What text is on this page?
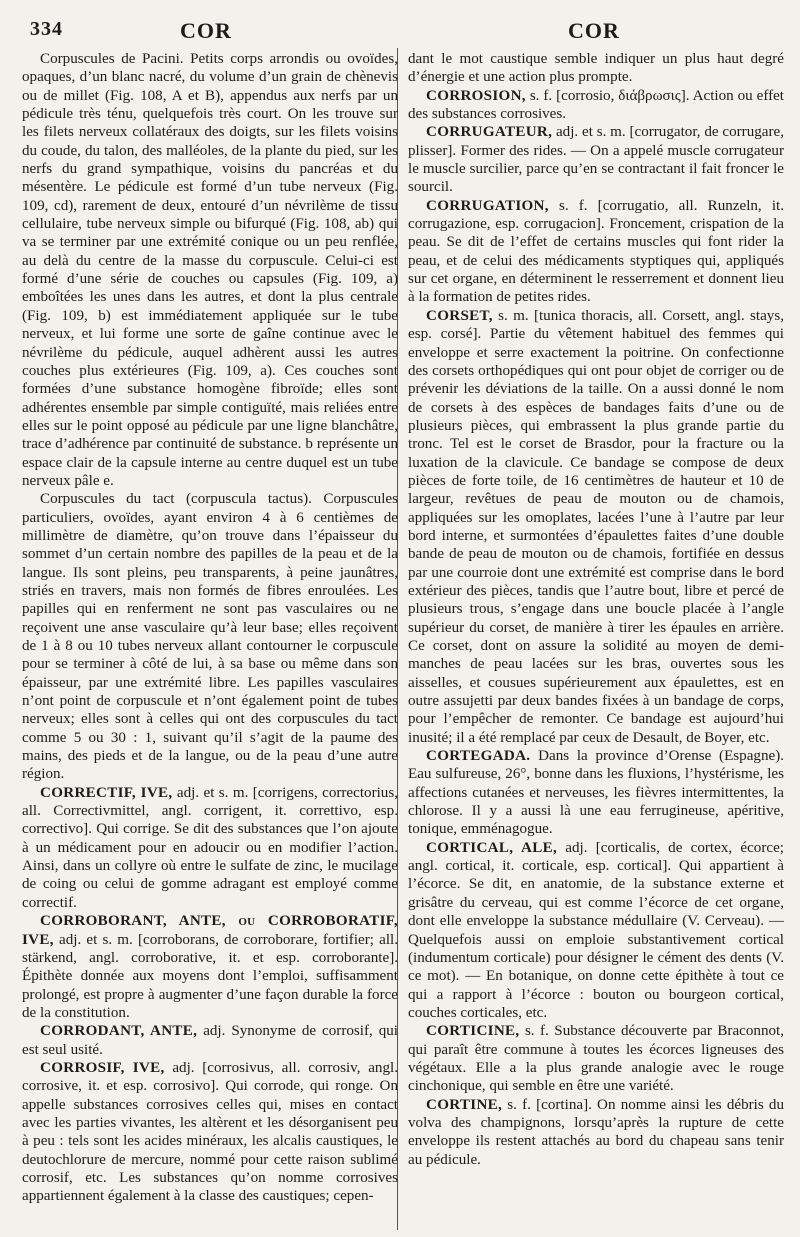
334	COR	COR

Corpuscules de Pacini. Petits corps arrondis ou ovoïdes, opaques, d’un blanc nacré, du volume d’un grain de chènevis ou de millet (Fig. 108, A et B), appendus aux nerfs par un pédicule très ténu, quelquefois très court. On les trouve sur les filets nerveux collatéraux des doigts, sur les filets voisins du coude, du talon, des malléoles, de la plante du pied, sur les nerfs du grand sympathique, voisins du pancréas et du mésentère. Le pédicule est formé d’un tube nerveux (Fig. 109, cd), rarement de deux, entouré d’un névrilème de tissu cellulaire, tube nerveux simple ou bifurqué (Fig. 108, ab) qui va se terminer par une extrémité conique ou un peu renflée, au delà du centre de la masse du corpuscule. Celui-ci est formé d’une série de couches ou capsules (Fig. 109, a) emboîtées les unes dans les autres, et dont la plus centrale (Fig. 109, b) est immédiatement appliquée sur le tube nerveux, et lui forme une sorte de gaîne continue avec le névrilème du pédicule, auquel adhèrent aussi les autres couches plus extérieures (Fig. 109, a). Ces couches sont formées d’une substance homogène fibroïde; elles sont adhérentes ensemble par simple contiguïté, mais reliées entre elles sur le point opposé au pédicule par une ligne blanchâtre, trace d’adhérence par continuité de substance. b représente un espace clair de la capsule interne au centre duquel est un tube nerveux pâle e.

Corpuscules du tact (corpuscula tactus). Corpuscules particuliers, ovoïdes, ayant environ 4 à 6 centièmes de millimètre de diamètre, qu’on trouve dans l’épaisseur du sommet d’un certain nombre des papilles de la peau et de la langue. Ils sont pleins, peu transparents, à peine jaunâtres, striés en travers, mais non formés de fibres enroulées. Les papilles qui en renferment ne sont pas vasculaires ou ne reçoivent une anse vasculaire qu’à leur base; elles reçoivent de 1 à 8 ou 10 tubes nerveux allant contourner le corpuscule pour se terminer à côté de lui, à sa base ou même dans son épaisseur, par une extrémité libre. Les papilles vasculaires n’ont point de corpuscule et n’ont également point de tubes nerveux; elles sont à celles qui ont des corpuscules du tact comme 5 ou 30 : 1, suivant qu’il s’agit de la paume des mains, des pieds et de la langue, ou de la peau d’une autre région.

CORRECTIF, IVE, adj. et s. m. [corrigens, correctorius, all. Correctivmittel, angl. corrigent, it. correttivo, esp. correctivo]. Qui corrige. Se dit des substances que l’on ajoute à un médicament pour en adoucir ou en modifier l’action. Ainsi, dans un collyre où entre le sulfate de zinc, le mucilage de coing ou celui de gomme adragant est employé comme correctif.

CORROBORANT, ANTE, ou CORROBORATIF, IVE, adj. et s. m. [corroborans, de corroborare, fortifier; all. stärkend, angl. corroborative, it. et esp. corroborante]. Épithète donnée aux moyens dont l’emploi, suffisamment prolongé, est propre à augmenter d’une façon durable la force de la constitution.

CORRODANT, ANTE, adj. Synonyme de corrosif, qui est seul usité.

CORROSIF, IVE, adj. [corrosivus, all. corrosiv, angl. corrosive, it. et esp. corrosivo]. Qui corrode, qui ronge. On appelle substances corrosives celles qui, mises en contact avec les parties vivantes, les altèrent et les désorganisent peu à peu : tels sont les acides minéraux, les alcalis caustiques, le deutochlorure de mercure, nommé pour cette raison sublimé corrosif, etc. Les substances qu’on nomme corrosives appartiennent également à la classe des caustiques; cepen-

dant le mot caustique semble indiquer un plus haut degré d’énergie et une action plus prompte.

CORROSION, s. f. [corrosio, διάβρωσις]. Action ou effet des substances corrosives.

CORRUGATEUR, adj. et s. m. [corrugator, de corrugare, plisser]. Former des rides. — On a appelé muscle corrugateur le muscle surcilier, parce qu’en se contractant il fait froncer le sourcil.

CORRUGATION, s. f. [corrugatio, all. Runzeln, it. corrugazione, esp. corrugacion]. Froncement, crispation de la peau. Se dit de l’effet de certains muscles qui font rider la peau, et de celui des médicaments styptiques qui, appliqués sur cet organe, en déterminent le resserrement et donnent lieu à la formation de petites rides.

CORSET, s. m. [tunica thoracis, all. Corsett, angl. stays, esp. corsé]. Partie du vêtement habituel des femmes qui enveloppe et serre exactement la poitrine. On confectionne des corsets orthopédiques qui ont pour objet de corriger ou de prévenir les déviations de la taille. On a aussi donné le nom de corsets à des espèces de bandages faits d’une ou de plusieurs pièces, qui embrassent la plus grande partie du tronc. Tel est le corset de Brasdor, pour la fracture ou la luxation de la clavicule. Ce bandage se compose de deux pièces de forte toile, de 16 centimètres de hauteur et 10 de largeur, revêtues de peau de mouton ou de chamois, appliquées sur les omoplates, lacées l’une à l’autre par leur bord interne, et surmontées d’épaulettes faites d’une double bande de peau de mouton ou de chamois, fortifiée en dessus par une courroie dont une extrémité est comprise dans le bord extérieur des pièces, tandis que l’autre bout, libre et percé de plusieurs trous, s’engage dans une boucle placée à l’angle supérieur du corset, de manière à tirer les épaules en arrière. Ce corset, dont on assure la solidité au moyen de demi-manches de peau lacées sur les bras, ouvertes sous les aisselles, et cousues supérieurement aux épaulettes, est en outre assujetti par deux bandes fixées à un bandage de corps, pour l’empêcher de remonter. Ce bandage est aujourd’hui inusité; il a été remplacé par ceux de Desault, de Boyer, etc.

CORTEGADA. Dans la province d’Orense (Espagne). Eau sulfureuse, 26°, bonne dans les fluxions, l’hystérisme, les affections cutanées et nerveuses, les fièvres intermittentes, la chlorose. Il y a aussi là une eau ferrugineuse, apéritive, tonique, emménagogue.

CORTICAL, ALE, adj. [corticalis, de cortex, écorce; angl. cortical, it. corticale, esp. cortical]. Qui appartient à l’écorce. Se dit, en anatomie, de la substance externe et grisâtre du cerveau, qui est comme l’écorce de cet organe, dont elle enveloppe la substance médullaire (V. Cerveau). — Quelquefois aussi on emploie substantivement cortical (indumentum corticale) pour désigner le cément des dents (V. ce mot). — En botanique, on donne cette épithète à tout ce qui a rapport à l’écorce : bouton ou bourgeon cortical, couches corticales, etc.

CORTICINE, s. f. Substance découverte par Braconnot, qui paraît être commune à toutes les écorces ligneuses des végétaux. Elle a la plus grande analogie avec le rouge cinchonique, qui semble en être une variété.

CORTINE, s. f. [cortina]. On nomme ainsi les débris du volva des champignons, lorsqu’après la rupture de cette enveloppe ils restent attachés au bord du chapeau sans tenir au pédicule.
